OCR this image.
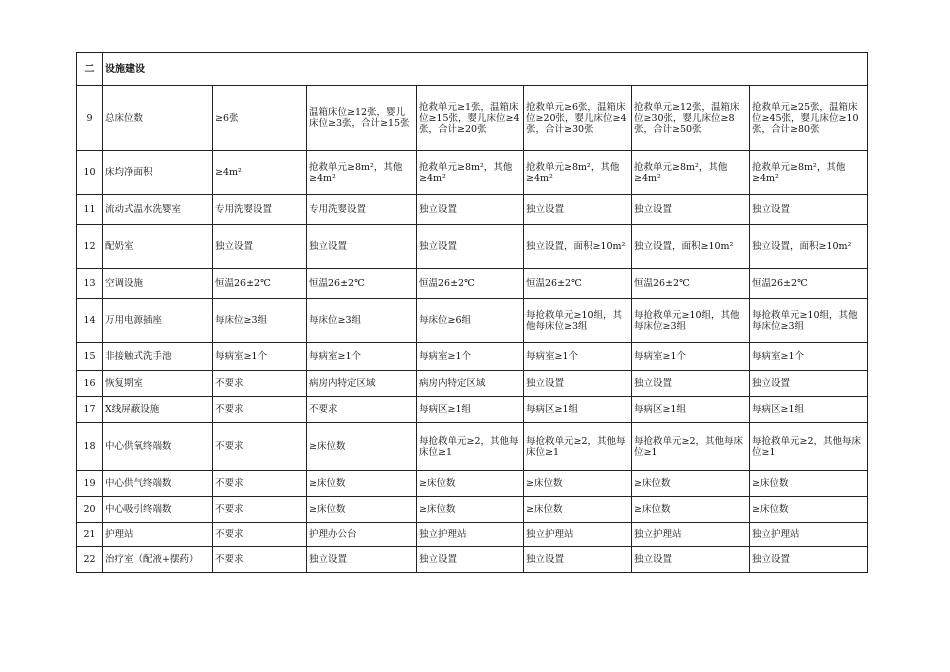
二	设施建设						
9	总床位数	≥6张	温箱床位≥12张，婴儿床位≥3张，合计≥15张	抢救单元≥1张，温箱床位≥15张，婴儿床位≥4张，合计≥20张	抢救单元≥6张，温箱床位≥20张，婴儿床位≥4张，合计≥30张	抢救单元≥12张，温箱床位≥30张，婴儿床位≥8张，合计≥50张	抢救单元≥25张，温箱床位≥45张，婴儿床位≥10张，合计≥80张
10	床均净面积	≥4m²	抢救单元≥8m²，其他≥4m²	抢救单元≥8m²，其他≥4m²	抢救单元≥8m²，其他≥4m²	抢救单元≥8m²，其他≥4m²	抢救单元≥8m²，其他≥4m²
11	流动式温水洗婴室	专用洗婴设置	专用洗婴设置	独立设置	独立设置	独立设置	独立设置
12	配奶室	独立设置	独立设置	独立设置	独立设置，面积≥10m²	独立设置，面积≥10m²	独立设置，面积≥10m²
13	空调设施	恒温26±2℃	恒温26±2℃	恒温26±2℃	恒温26±2℃	恒温26±2℃	恒温26±2℃
14	万用电源插座	每床位≥3组	每床位≥3组	每床位≥6组	每抢救单元≥10组，其他每床位≥3组	每抢救单元≥10组，其他每床位≥3组	每抢救单元≥10组，其他每床位≥3组
15	非接触式洗手池	每病室≥1个	每病室≥1个	每病室≥1个	每病室≥1个	每病室≥1个	每病室≥1个
16	恢复期室	不要求	病房内特定区域	病房内特定区域	独立设置	独立设置	独立设置
17	X线屏蔽设施	不要求	不要求	每病区≥1组	每病区≥1组	每病区≥1组	每病区≥1组
18	中心供氧终端数	不要求	≥床位数	每抢救单元≥2，其他每床位≥1	每抢救单元≥2，其他每床位≥1	每抢救单元≥2，其他每床位≥1	每抢救单元≥2，其他每床位≥1
19	中心供气终端数	不要求	≥床位数	≥床位数	≥床位数	≥床位数	≥床位数
20	中心吸引终端数	不要求	≥床位数	≥床位数	≥床位数	≥床位数	≥床位数
21	护理站	不要求	护理办公台	独立护理站	独立护理站	独立护理站	独立护理站
22	治疗室（配液+摆药）	不要求	独立设置	独立设置	独立设置	独立设置	独立设置
